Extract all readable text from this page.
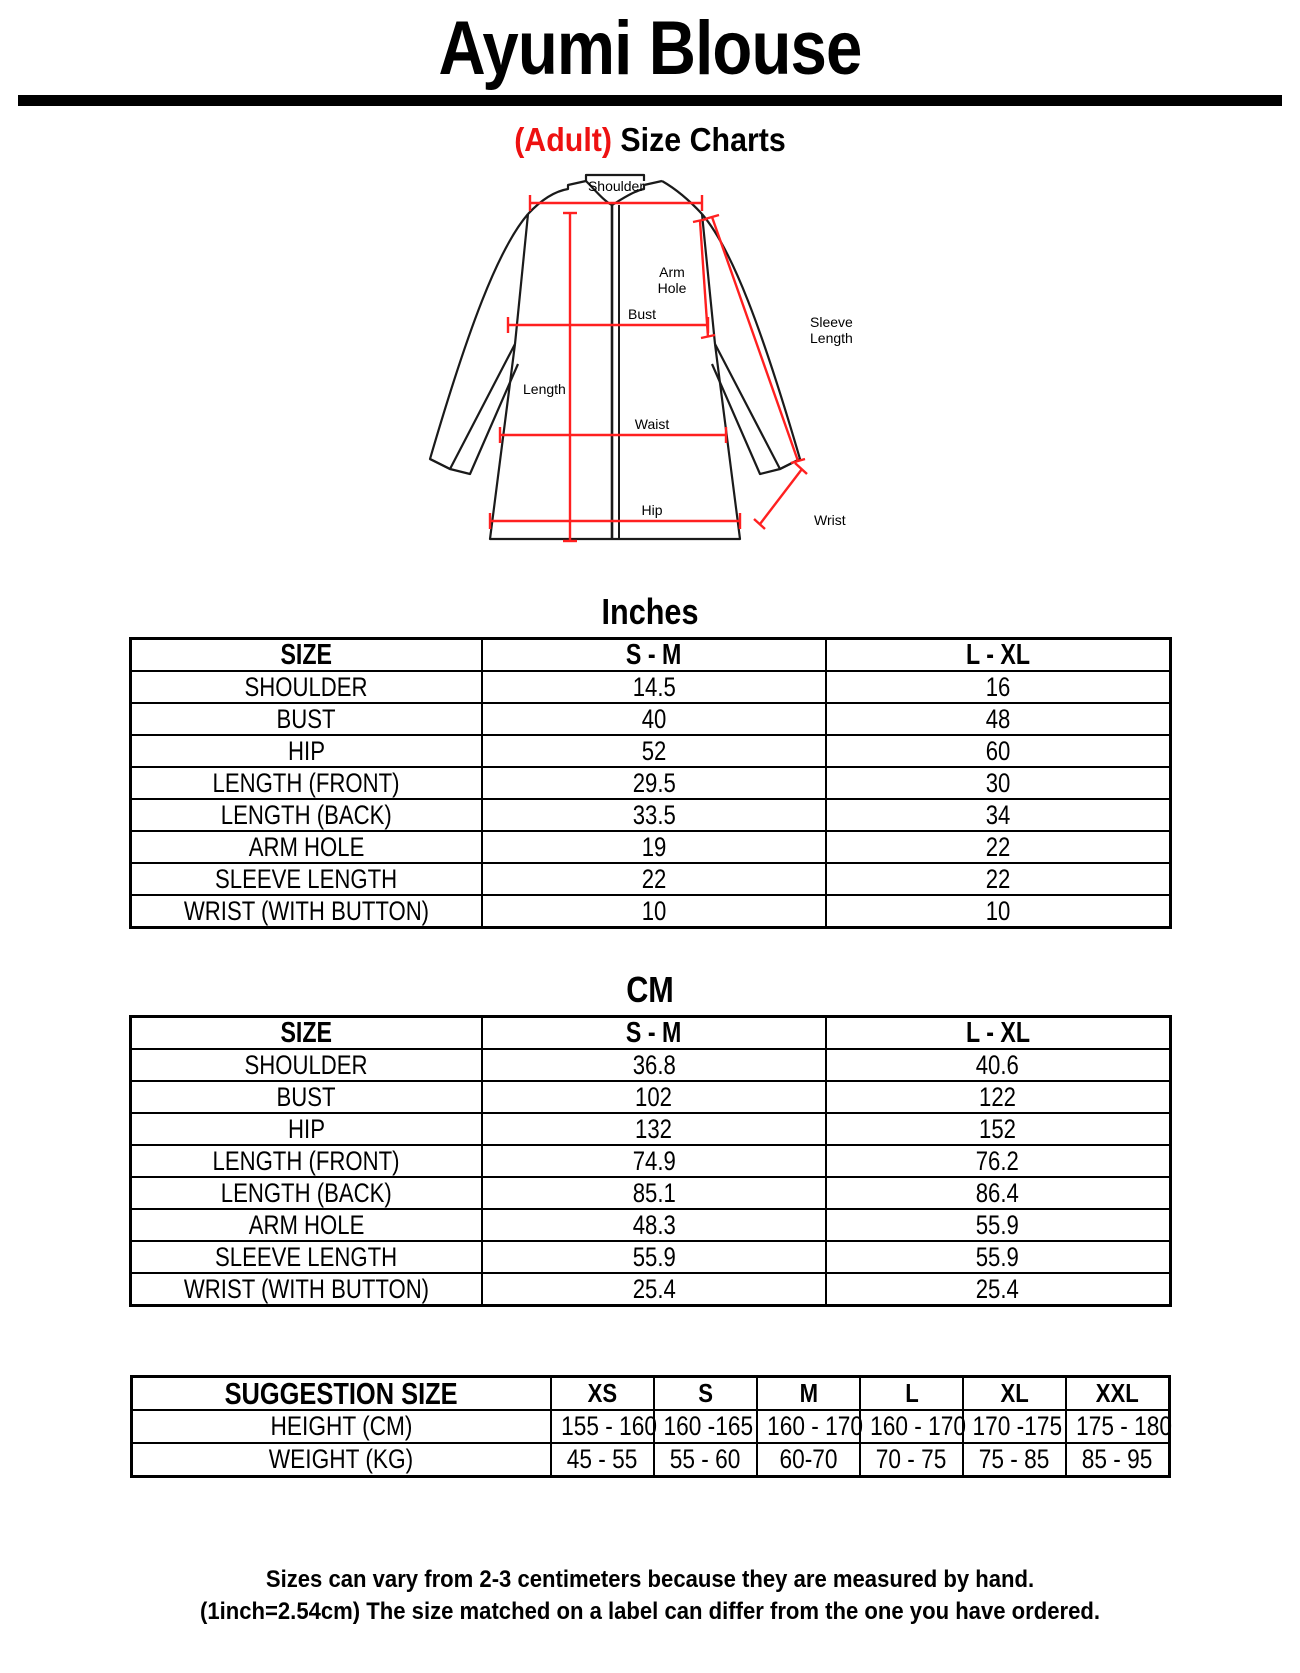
Ayumi Blouse
(Adult) Size Charts
Shoulder
Arm
Hole
Bust	Sleeve
Length
Length
Waist
Hip
Wrist
Inches
SIZE	S - M	L - XL
SHOULDER	14.5	16
BUST	40	48
HIP	52	60
LENGTH (FRONT)	29.5	30
LENGTH (BACK)	33.5	34
ARM HOLE	19	22
SLEEVE LENGTH	22	22
WRIST (WITH BUTTON)	10	10
CM
SIZE	S - M	L - XL
SHOULDER	36.8	40.6
BUST	102	122
HIP	132	152
LENGTH (FRONT)	74.9	76.2
LENGTH (BACK)	85.1	86.4
ARM HOLE	48.3	55.9
SLEEVE LENGTH	55.9	55.9
WRIST (WITH BUTTON)	25.4	25.4
SUGGESTION SIZE	XS	S	M	L	XL	XXL
HEIGHT (CM)	155 - 160	160 -165	160 - 170	160 - 170	170 -175	175 - 180
WEIGHT (KG)	45 - 55	55 - 60	60-70	70 - 75	75 - 85	85 - 95
Sizes can vary from 2-3 centimeters because they are measured by hand.
(1inch=2.54cm) The size matched on a label can differ from the one you have ordered.
